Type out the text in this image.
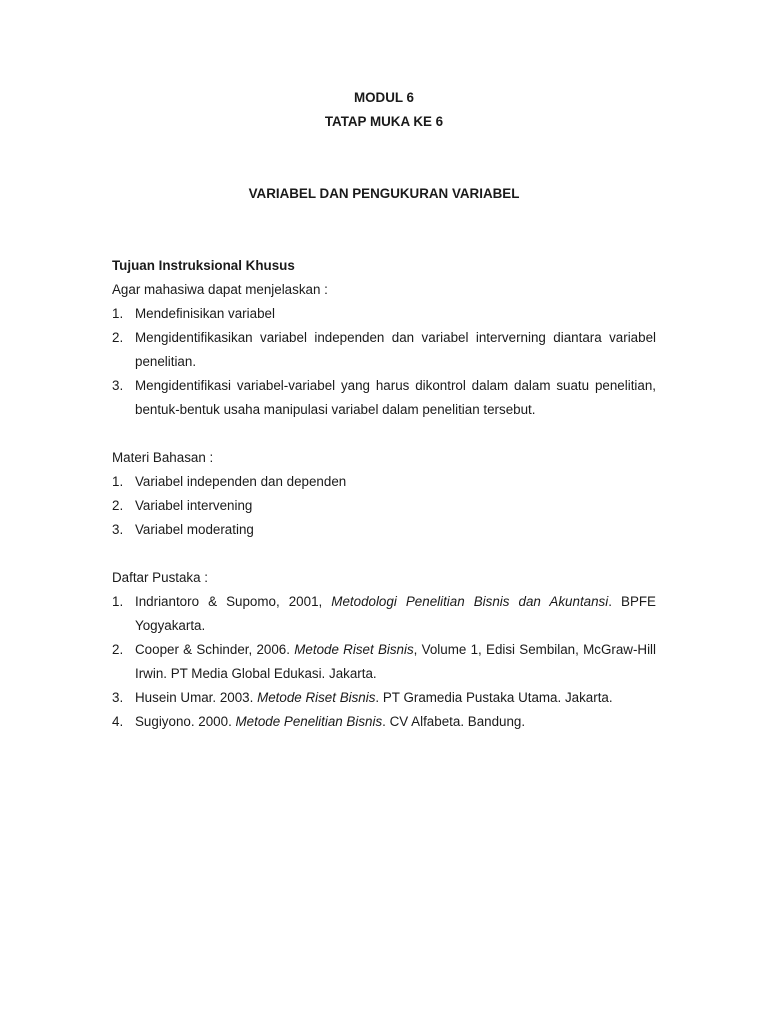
MODUL 6
TATAP MUKA KE 6
VARIABEL DAN PENGUKURAN VARIABEL
Tujuan Instruksional Khusus

Agar mahasiwa dapat menjelaskan :

1. Mendefinisikan variabel
2. Mengidentifikasikan variabel independen dan variabel interverning diantara variabel penelitian.
3. Mengidentifikasi variabel-variabel yang harus dikontrol dalam dalam suatu penelitian, bentuk-bentuk usaha manipulasi variabel dalam penelitian tersebut.

Materi Bahasan :

1. Variabel independen dan dependen
2. Variabel intervening
3. Variabel moderating

Daftar Pustaka :

1. Indriantoro & Supomo, 2001, Metodologi Penelitian Bisnis dan Akuntansi. BPFE Yogyakarta.
2. Cooper & Schinder, 2006. Metode Riset Bisnis, Volume 1, Edisi Sembilan, McGraw-Hill Irwin. PT Media Global Edukasi. Jakarta.
3. Husein Umar. 2003. Metode Riset Bisnis. PT Gramedia Pustaka Utama. Jakarta.
4. Sugiyono. 2000. Metode Penelitian Bisnis. CV Alfabeta. Bandung.
